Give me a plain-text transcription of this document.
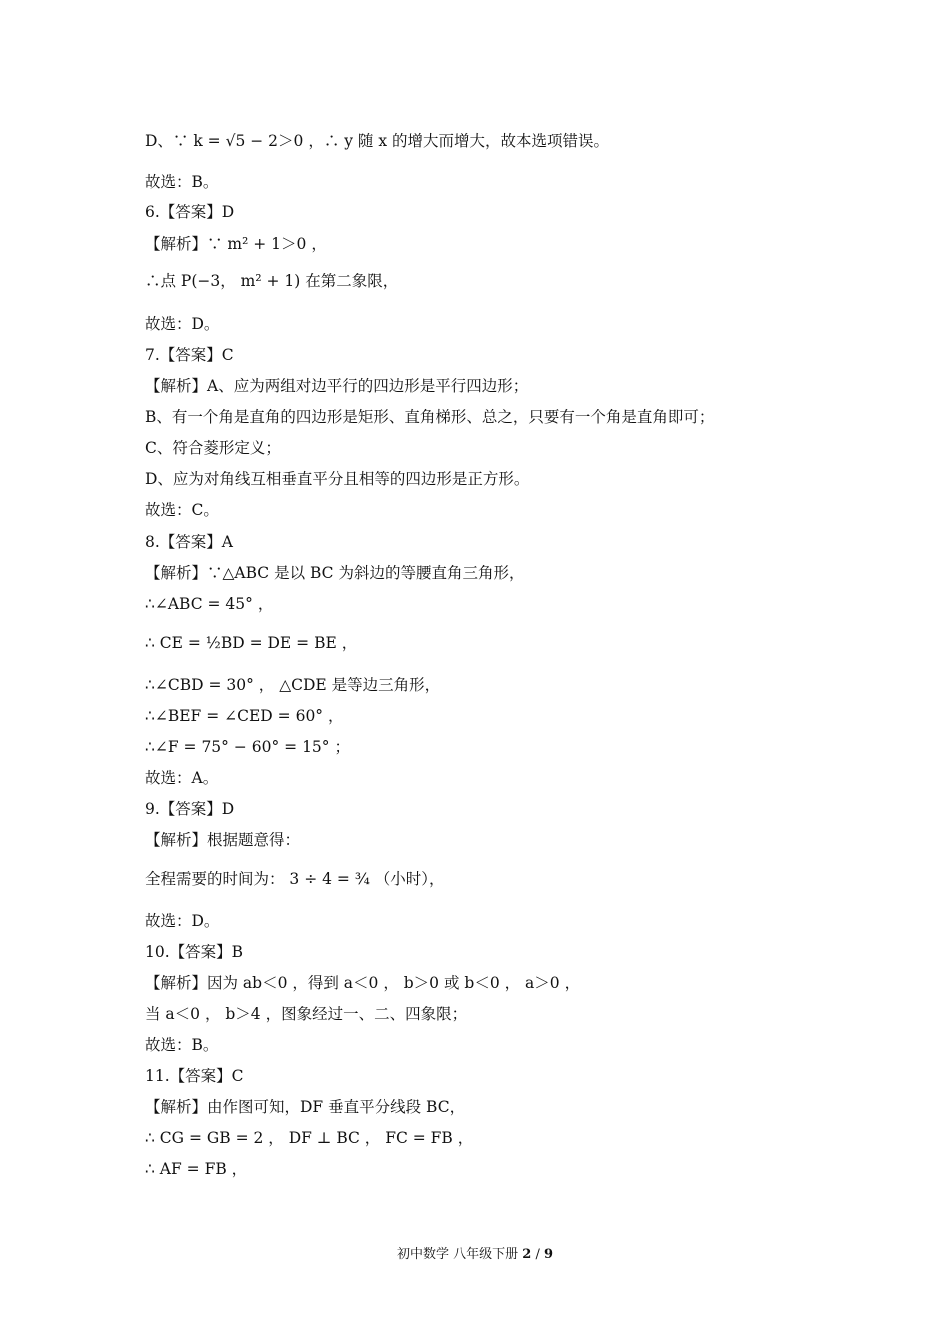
D、∵ k = √5 − 2＞0 ，∴ y 随 x 的增大而增大，故本选项错误。
故选：B。
6.【答案】D
【解析】∵ m² + 1＞0 ，
∴点 P(−3， m² + 1) 在第二象限，
故选：D。
7.【答案】C
【解析】A、应为两组对边平行的四边形是平行四边形；
B、有一个角是直角的四边形是矩形、直角梯形、总之，只要有一个角是直角即可；
C、符合菱形定义；
D、应为对角线互相垂直平分且相等的四边形是正方形。
故选：C。
8.【答案】A
【解析】∵△ABC 是以 BC 为斜边的等腰直角三角形，
∴∠ABC = 45° ，
∴ CE = ½BD = DE = BE ，
∴∠CBD = 30° ， △CDE 是等边三角形，
∴∠BEF = ∠CED = 60° ，
∴∠F = 75° − 60° = 15° ；
故选：A。
9.【答案】D
【解析】根据题意得：
全程需要的时间为： 3 ÷ 4 = ¾ （小时），
故选：D。
10.【答案】B
【解析】因为 ab＜0 ，得到 a＜0 ， b＞0 或 b＜0 ， a＞0 ，
当 a＜0 ， b＞4 ，图象经过一、二、四象限；
故选：B。
11.【答案】C
【解析】由作图可知，DF 垂直平分线段 BC，
∴ CG = GB = 2 ， DF ⊥ BC ， FC = FB ，
∴ AF = FB ，
初中数学 八年级下册 2 / 9
